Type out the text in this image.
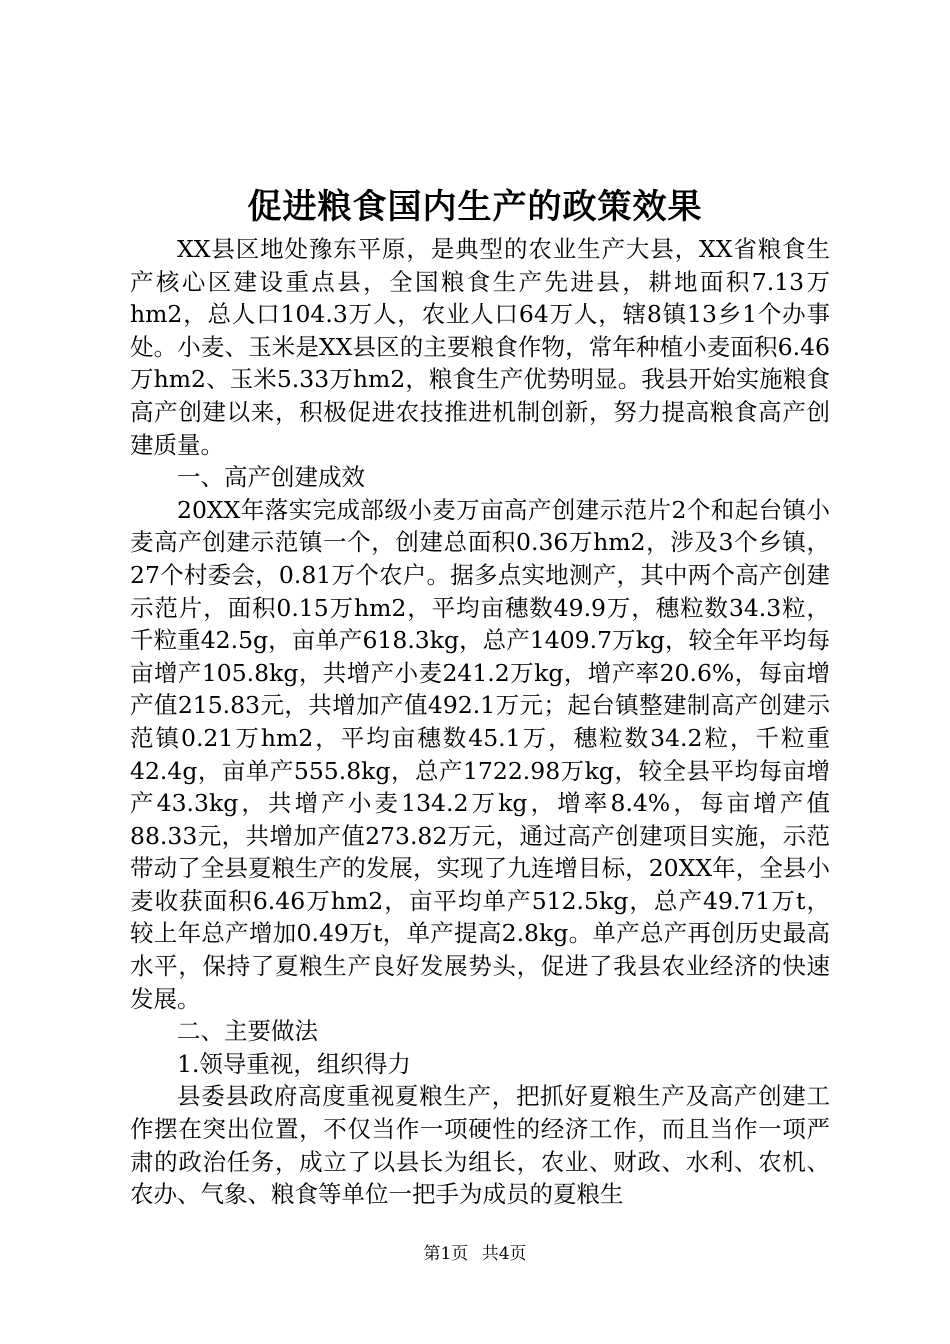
促进粮食国内生产的政策效果

XX县区地处豫东平原，是典型的农业生产大县，XX省粮食生产核心区建设重点县，全国粮食生产先进县，耕地面积7.13万hm2，总人口104.3万人，农业人口64万人，辖8镇13乡1个办事处。小麦、玉米是XX县区的主要粮食作物，常年种植小麦面积6.46万hm2、玉米5.33万hm2，粮食生产优势明显。我县开始实施粮食高产创建以来，积极促进农技推进机制创新，努力提高粮食高产创建质量。

一、高产创建成效

20XX年落实完成部级小麦万亩高产创建示范片2个和起台镇小麦高产创建示范镇一个，创建总面积0.36万hm2，涉及3个乡镇，27个村委会，0.81万个农户。据多点实地测产，其中两个高产创建示范片，面积0.15万hm2，平均亩穗数49.9万，穗粒数34.3粒，千粒重42.5g，亩单产618.3kg，总产1409.7万kg，较全年平均每亩增产105.8kg，共增产小麦241.2万kg，增产率20.6%，每亩增产值215.83元，共增加产值492.1万元；起台镇整建制高产创建示范镇0.21万hm2，平均亩穗数45.1万，穗粒数34.2粒，千粒重42.4g，亩单产555.8kg，总产1722.98万kg，较全县平均每亩增产43.3kg，共增产小麦134.2万kg，增率8.4%，每亩增产值88.33元，共增加产值273.82万元，通过高产创建项目实施，示范带动了全县夏粮生产的发展，实现了九连增目标，20XX年，全县小麦收获面积6.46万hm2，亩平均单产512.5kg，总产49.71万t，较上年总产增加0.49万t，单产提高2.8kg。单产总产再创历史最高水平，保持了夏粮生产良好发展势头，促进了我县农业经济的快速发展。

二、主要做法

1.领导重视，组织得力

县委县政府高度重视夏粮生产，把抓好夏粮生产及高产创建工作摆在突出位置，不仅当作一项硬性的经济工作，而且当作一项严肃的政治任务，成立了以县长为组长，农业、财政、水利、农机、农办、气象、粮食等单位一把手为成员的夏粮生

第1页 共4页
